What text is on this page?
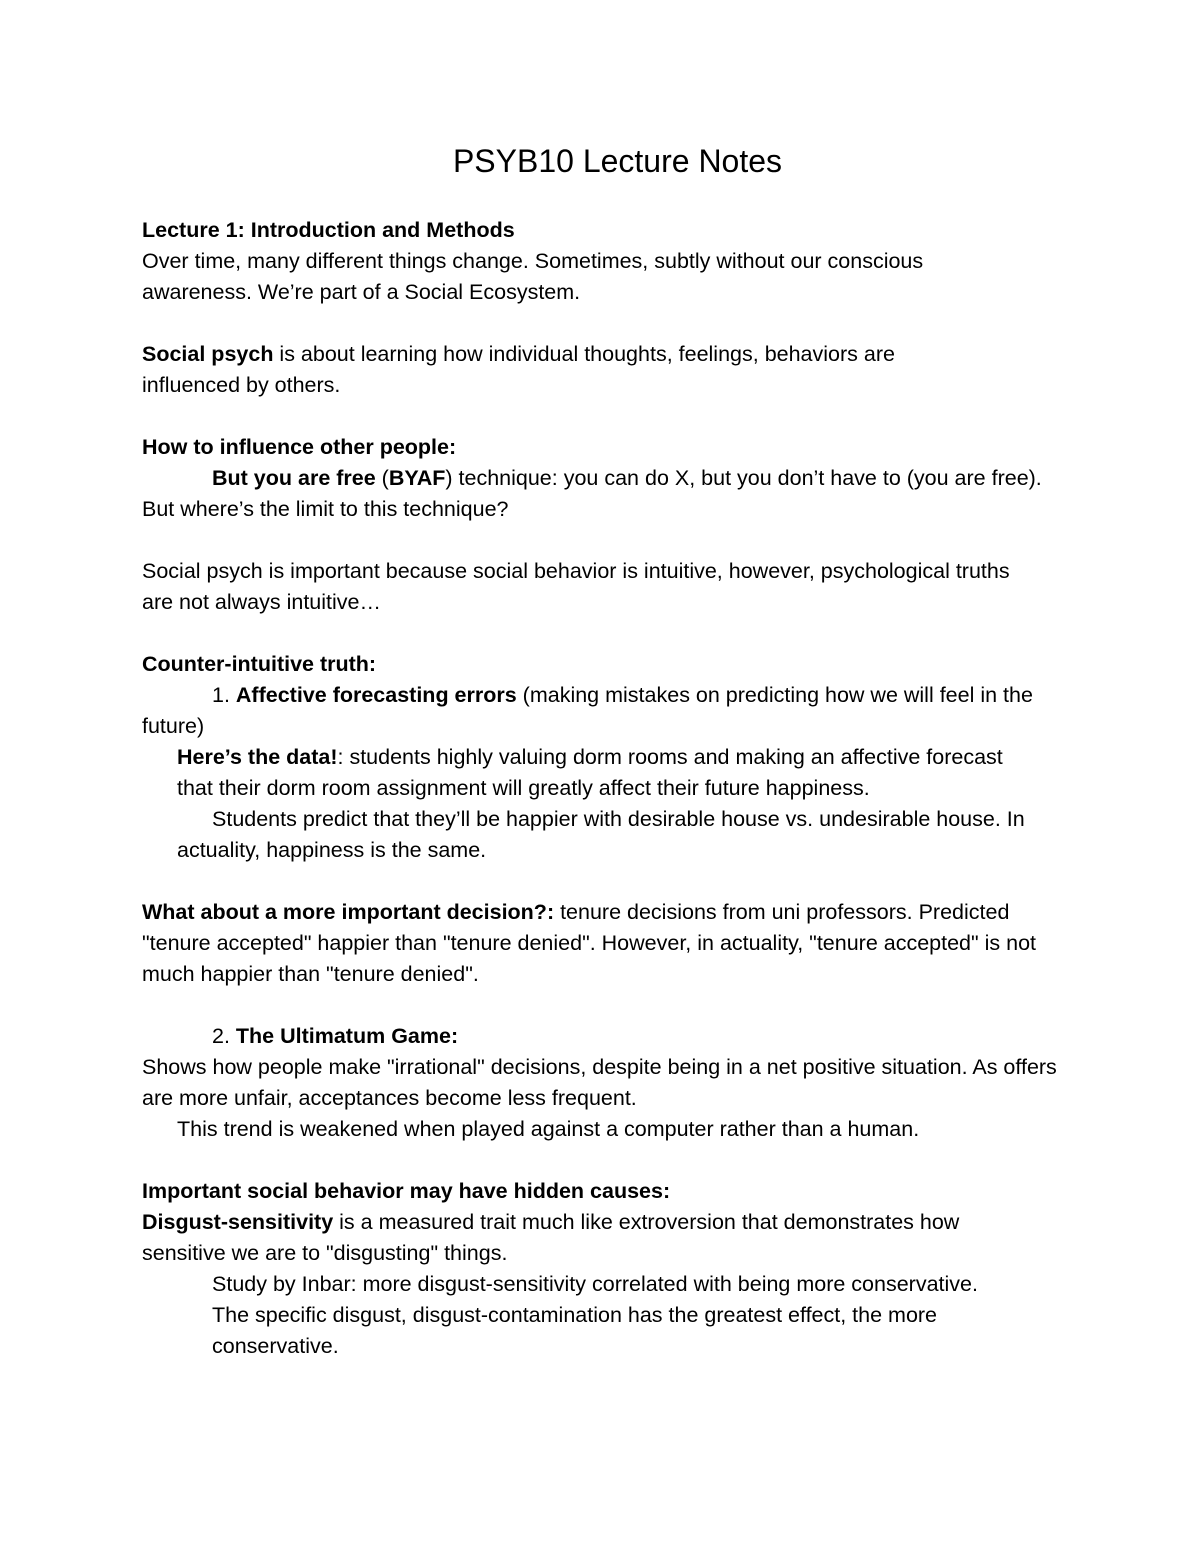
PSYB10 Lecture Notes

Lecture 1: Introduction and Methods

Over time, many different things change. Sometimes, subtly without our conscious awareness. We’re part of a Social Ecosystem.

Social psych is about learning how individual thoughts, feelings, behaviors are influenced by others.

How to influence other people:

But you are free (BYAF) technique: you can do X, but you don’t have to (you are free). But where’s the limit to this technique?

Social psych is important because social behavior is intuitive, however, psychological truths are not always intuitive…

Counter-intuitive truth:

1. Affective forecasting errors (making mistakes on predicting how we will feel in the future)

Here’s the data!: students highly valuing dorm rooms and making an affective forecast that their dorm room assignment will greatly affect their future happiness.

Students predict that they’ll be happier with desirable house vs. undesirable house. In actuality, happiness is the same.

What about a more important decision?: tenure decisions from uni professors. Predicted "tenure accepted" happier than "tenure denied". However, in actuality, "tenure accepted" is not much happier than "tenure denied".

2. The Ultimatum Game:

Shows how people make "irrational" decisions, despite being in a net positive situation. As offers are more unfair, acceptances become less frequent.

This trend is weakened when played against a computer rather than a human.

Important social behavior may have hidden causes:

Disgust-sensitivity is a measured trait much like extroversion that demonstrates how sensitive we are to "disgusting" things.

Study by Inbar: more disgust-sensitivity correlated with being more conservative.

The specific disgust, disgust-contamination has the greatest effect, the more conservative.
